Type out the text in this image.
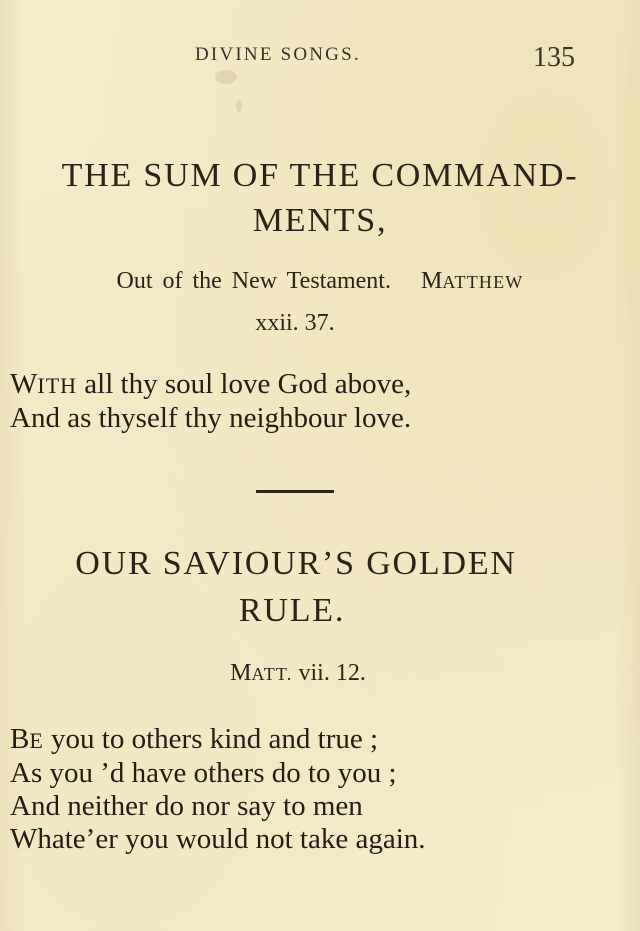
DIVINE SONGS.	135
THE SUM OF THE COMMAND-
MENTS,
Out of the New Testament. MATTHEW
xxii. 37.
WITH all thy soul love God above,
And as thyself thy neighbour love.
OUR SAVIOUR’S GOLDEN
RULE.
MATT. vii. 12.
BE you to others kind and true ;
As you ’d have others do to you ;
And neither do nor say to men
Whate’er you would not take again.
